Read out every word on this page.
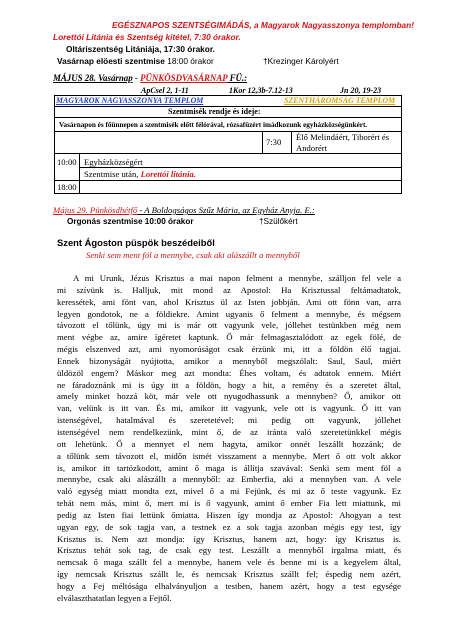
EGÉSZNAPOS SZENTSÉGIMÁDÁS, a Magyarok Nagyasszonya templomban!
Lorettói Litánia és Szentség kitétel, 7:30 órakor.
Oltáriszentség Litániája, 17:30 órakor.
Vasárnap elöesti szentmise 18:00 órakor	†Krezinger Károlyért
MÁJUS 28. Vasárnap - PÜNKÖSDVASÁRNAP FÜ.:
ApCsel 2, 1-11	1Kor 12,3b-7.12-13	Jn 20, 19-23
MAGYAROK NAGYASSZONYA TEMPLOM	SZENTHÁROMSÁG TEMPLOM
Szentmisék rendje és ideje:
Vasárnapon és főünnepen a szentmisék előtt félórával, rózsafüzért imádkozunk egyházközségünkért.
7:30 Élő Melindáért, Tiborért és Andorért
10:00 Egyházközségért
Szentmise után, Lorettói litánia.
18:00
Május 29. Pünkösdhétfő - A Boldogságos Szűz Mária, az Egyház Anyja. E.:
Orgonás szentmise 10:00 órakor	†Szülőkért
Szent Ágoston püspök beszédeiből
Senki sem ment föl a mennybe, csak aki alászállt a mennyből
A mi Urunk, Jézus Krisztus a mai napon felment a mennybe, szálljon fel vele a
mi szívünk is. Halljuk, mit mond az Apostol: Ha Krisztussal feltámadtatok,
keressétek, ami fönt van, ahol Krisztus ül az Isten jobbján. Ami ott fönn van, arra
legyen gondotok, ne a földiekre. Amint ugyanis ő felment a mennybe, és mégsem
távozott el tőlünk, úgy mi is már ott vagyunk vele, jóllehet testünkben még nem
ment végbe az, amire ígéretet kaptunk. Ő már felmagasztalódott az egek fölé, de
mégis elszenved azt, ami nyomorúságot csak érzünk mi, itt a földön élő tagjai.
Ennek bizonyságát nyújtotta, amikor a mennyből megszólalt: Saul, Saul, miért
üldözöl engem? Máskor meg azt mondta: Éhes voltam, és adtatok ennem. Miért
ne fáradoznánk mi is úgy itt a földön, hogy a hit, a remény és a szeretet által,
amely minket hozzá köt, már vele ott nyugodhassunk a mennyben? Ő, amikor ott
van, velünk is itt van. És mi, amikor itt vagyunk, vele ott is vagyunk. Ő itt van
istenségével, hatalmával és szeretetével; mi pedig ott vagyunk, jóllehet
istenségével nem rendelkezünk, mint ő, de az iránta való szeretetünkkel mégis
ott lehetünk. Ő a mennyet el nem hagyta, amikor onnét leszállt hozzánk; de
a tőlünk sem távozott el, midőn ismét visszament a mennybe. Mert ő ott volt akkor
is, amikor itt tartózkodott, amint ő maga is állítja szavával: Senki sem ment föl a
mennybe, csak aki alászállt a mennyből: az Emberfia, aki a mennyben van. A vele
való egység miatt mondta ezt, mivel ő a mi Fejünk, és mi az ő teste vagyunk. Ez
tehát nem más, mint ő, mert mi is ő vagyunk, amint ő ember Fia lett miattunk, mi
pedig az Isten fiai lettünk őmiatta. Hiszen így mondja az Apostol: Ahogyan a test
ugyan egy, de sok tagja van, a testnek ez a sok tagja azonban mégis egy test, így
Krisztus is. Nem azt mondja: így Krisztus, hanem azt, hogy: így Krisztus is.
Krisztus tehát sok tag, de csak egy test. Leszállt a mennyből irgalma miatt, és
nemcsak ő maga szállt fel a mennybe, hanem vele és benne mi is a kegyelem által,
így nemcsak Krisztus szállt le, és nemcsak Krisztus szállt fel; éspedig nem azért,
hogy a Fej méltósága elhalványuljon a testben, hanem azért, hogy a test egysége
elválaszthatatlan legyen a Fejtől.
